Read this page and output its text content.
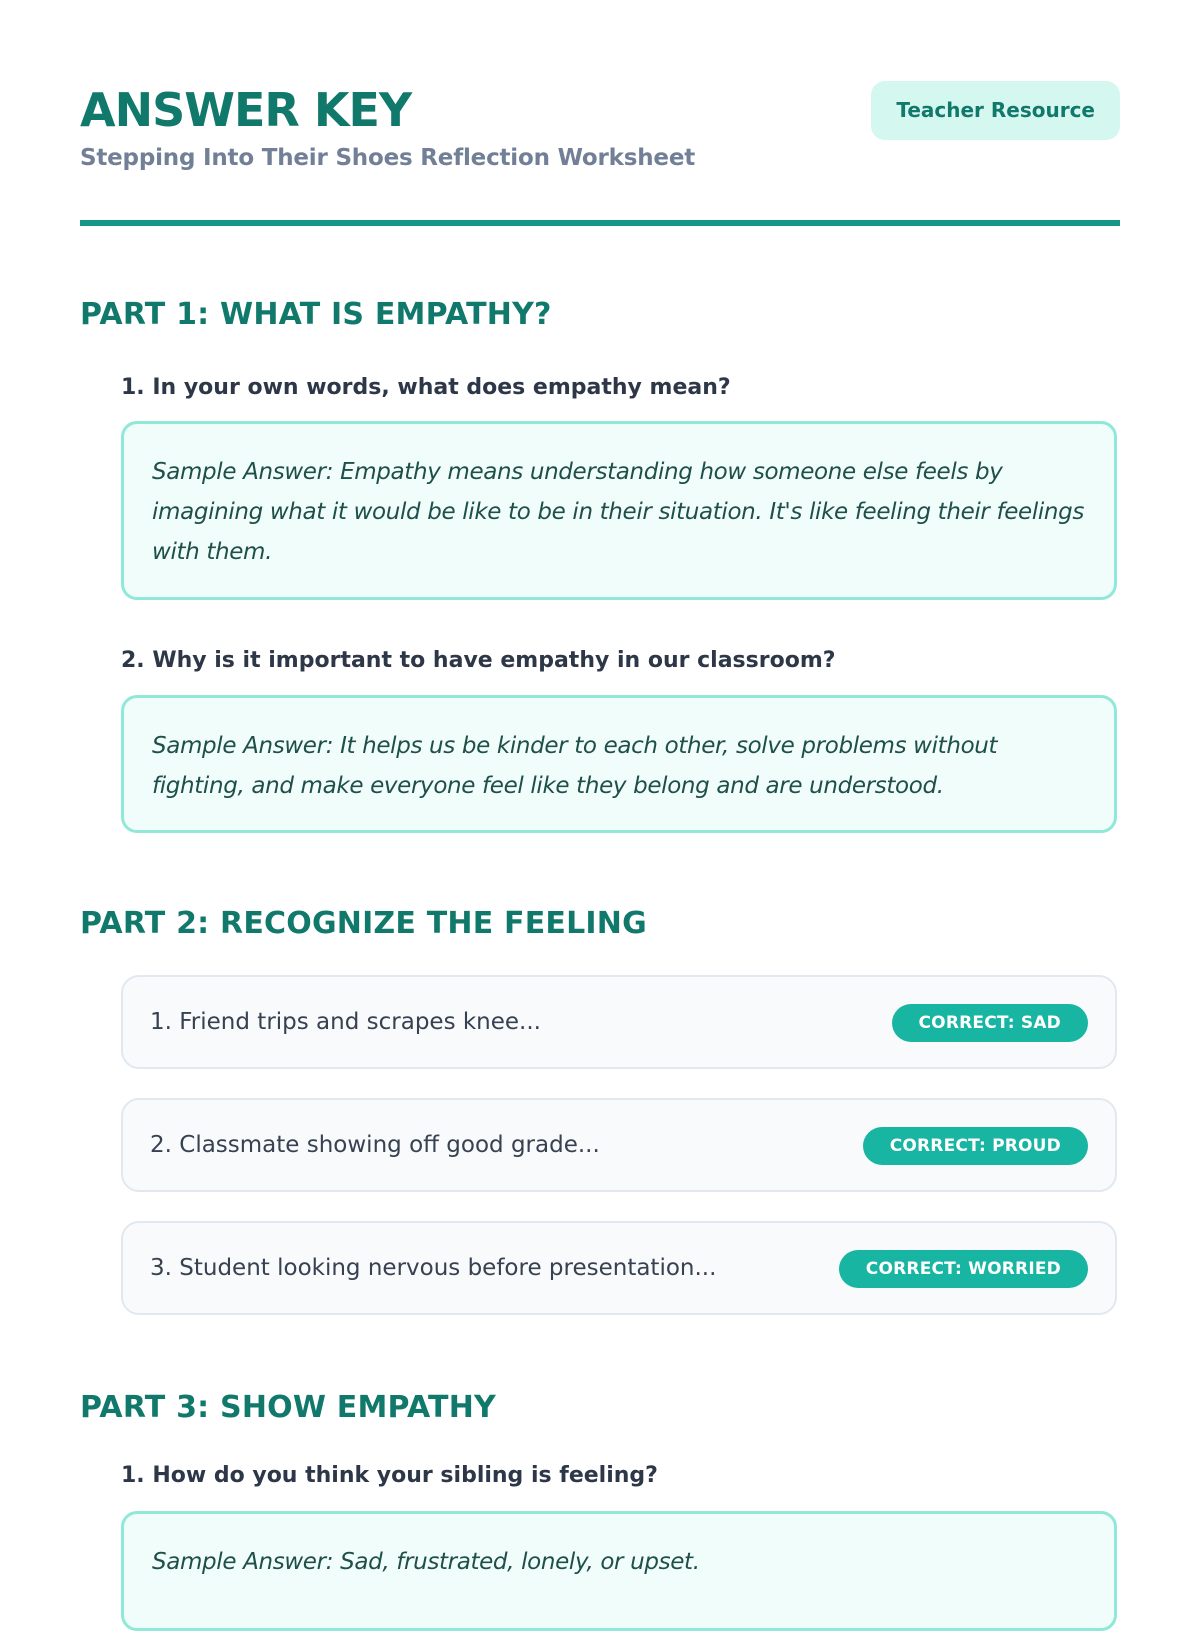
ANSWER KEY
Stepping Into Their Shoes Reflection Worksheet
Teacher Resource
PART 1: WHAT IS EMPATHY?
1. In your own words, what does empathy mean?
Sample Answer: Empathy means understanding how someone else feels by imagining what it would be like to be in their situation. It's like feeling their feelings with them.
2. Why is it important to have empathy in our classroom?
Sample Answer: It helps us be kinder to each other, solve problems without fighting, and make everyone feel like they belong and are understood.
PART 2: RECOGNIZE THE FEELING
1. Friend trips and scrapes knee...	CORRECT: SAD
2. Classmate showing off good grade...	CORRECT: PROUD
3. Student looking nervous before presentation...	CORRECT: WORRIED
PART 3: SHOW EMPATHY
1. How do you think your sibling is feeling?
Sample Answer: Sad, frustrated, lonely, or upset.
